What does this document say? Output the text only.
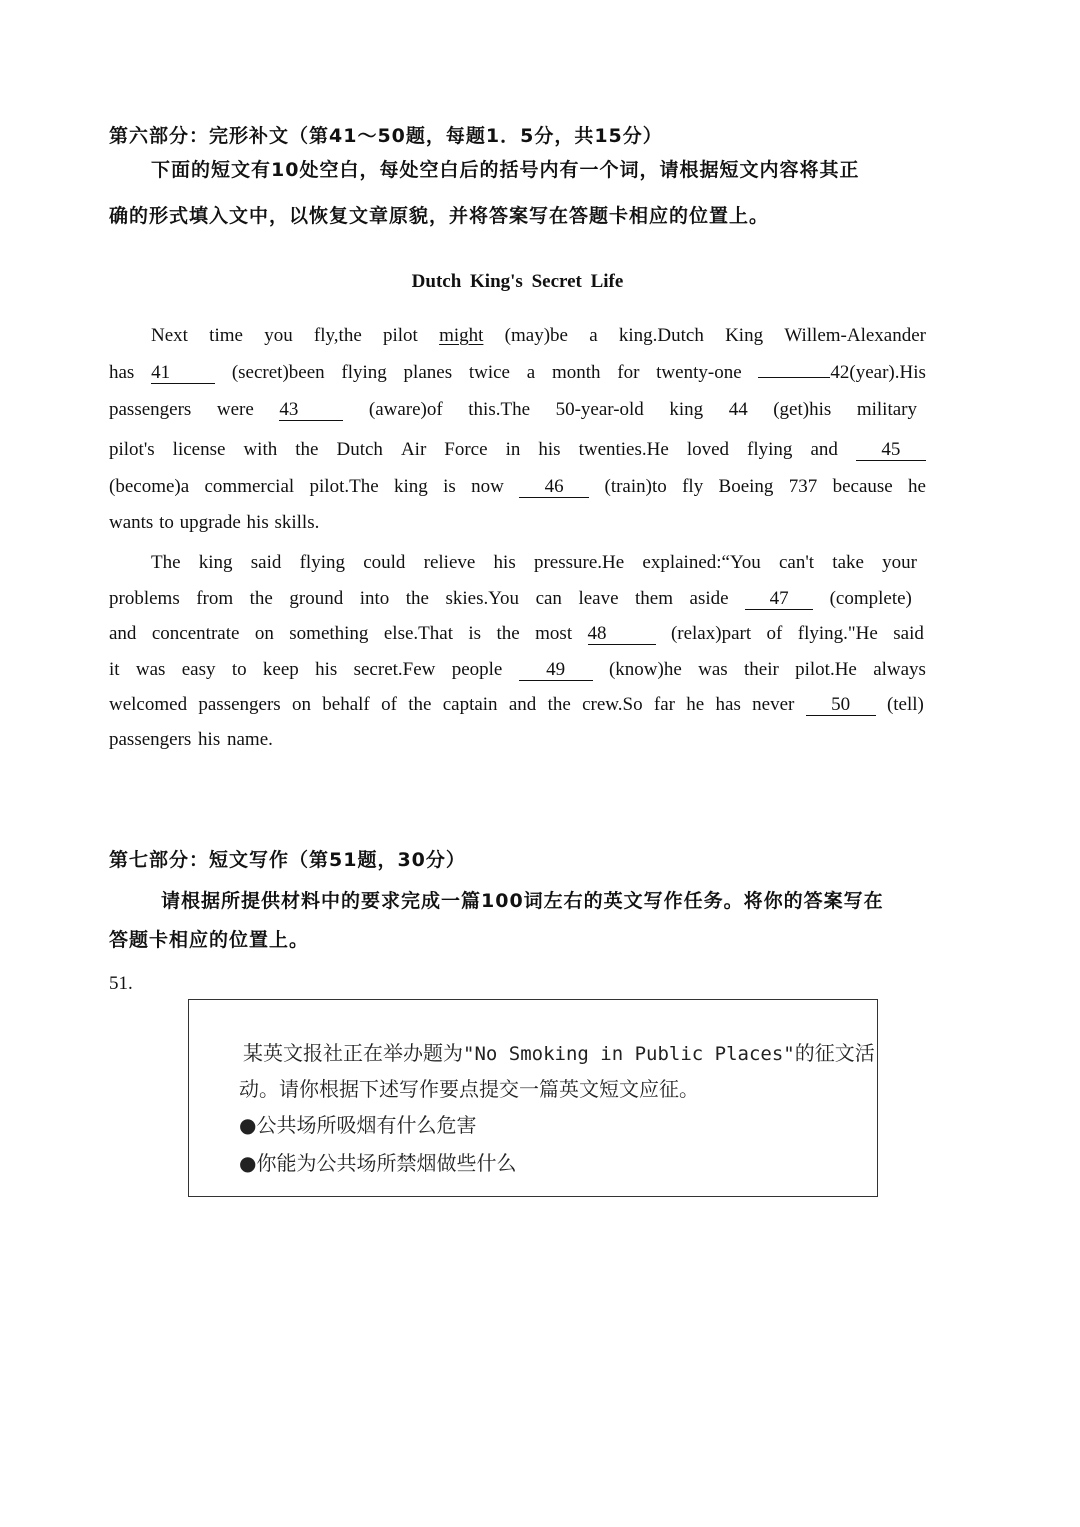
第六部分：完形补文（第41～50题，每题1．5分，共15分）
下面的短文有10处空白，每处空白后的括号内有一个词，请根据短文内容将其正
确的形式填入文中，以恢复文章原貌，并将答案写在答题卡相应的位置上。
Dutch King's Secret Life
Next time you fly,the pilot might (may)be a king.Dutch King Willem-Alexander
has 41	(secret)been flying planes twice a month for twenty-one	42(year).His
passengers were 43	(aware)of this.The 50-year-old king 44 (get)his military
pilot's license with the Dutch Air Force in his twenties.He loved flying and	45
(become)a commercial pilot.The king is now	46	(train)to fly Boeing 737 because he
wants to upgrade his skills.
The king said flying could relieve his pressure.He explained:“You can't take your
problems from the ground into the skies.You can leave them aside	47	(complete)
and concentrate on something else.That is the most 48	(relax)part of flying."He said
it was easy to keep his secret.Few people	49	(know)he was their pilot.He always
welcomed passengers on behalf of the captain and the crew.So far he has never	50	(tell)
passengers his name.
第七部分：短文写作（第51题，30分）
请根据所提供材料中的要求完成一篇100词左右的英文写作任务。将你的答案写在
答题卡相应的位置上。
51.
某英文报社正在举办题为"No Smoking in Public Places"的征文活
动。请你根据下述写作要点提交一篇英文短文应征。
●公共场所吸烟有什么危害
●你能为公共场所禁烟做些什么
